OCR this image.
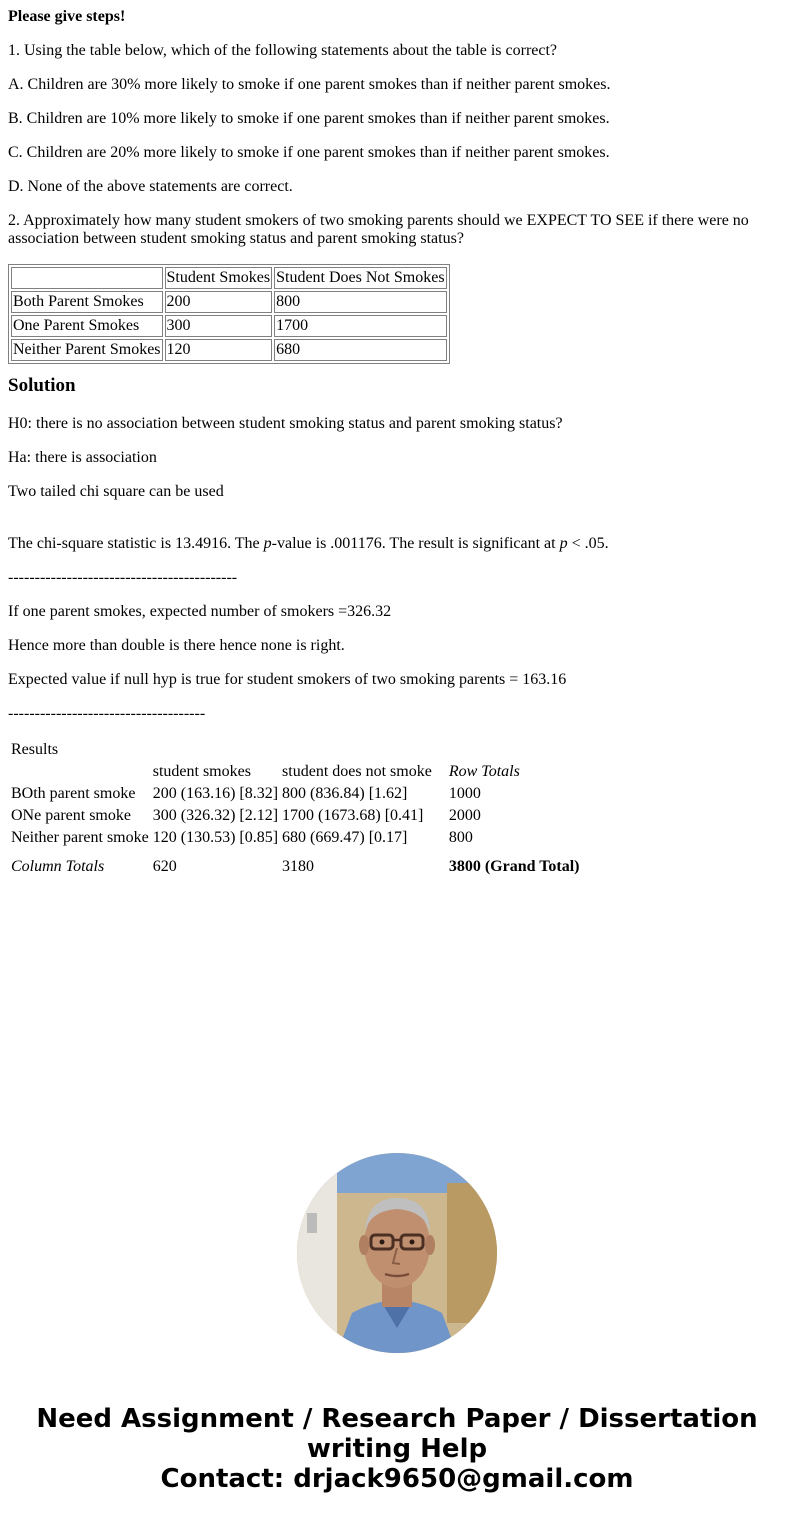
Please give steps!

1. Using the table below, which of the following statements about the table is correct?

A. Children are 30% more likely to smoke if one parent smokes than if neither parent smokes.

B. Children are 10% more likely to smoke if one parent smokes than if neither parent smokes.

C. Children are 20% more likely to smoke if one parent smokes than if neither parent smokes.

D. None of the above statements are correct.

2. Approximately how many student smokers of two smoking parents should we EXPECT TO SEE if there were no

association between student smoking status and parent smoking status?

	Student Smokes	Student Does Not Smokes
Both Parent Smokes	200	800
One Parent Smokes	300	1700
Neither Parent Smokes	120	680
Solution

H0: there is no association between student smoking status and parent smoking status?

Ha: there is association

Two tailed chi square can be used

The chi-square statistic is 13.4916. The p-value is .001176. The result is significant at p < .05.

-------------------------------------------

If one parent smokes, expected number of smokers =326.32

Hence more than double is there hence none is right.

Expected value if null hyp is true for student smokers of two smoking parents = 163.16

-------------------------------------

Results			
	student smokes	student does not smoke	Row Totals
BOth parent smoke	200 (163.16) [8.32]	800 (836.84) [1.62]	1000
ONe parent smoke	300 (326.32) [2.12]	1700 (1673.68) [0.41]	2000
Neither parent smoke	120 (130.53) [0.85]	680 (669.47) [0.17]	800
Column Totals	620	3180	3800 (Grand Total)
Need Assignment / Research Paper / Dissertation
writing Help
Contact: drjack9650@gmail.com
